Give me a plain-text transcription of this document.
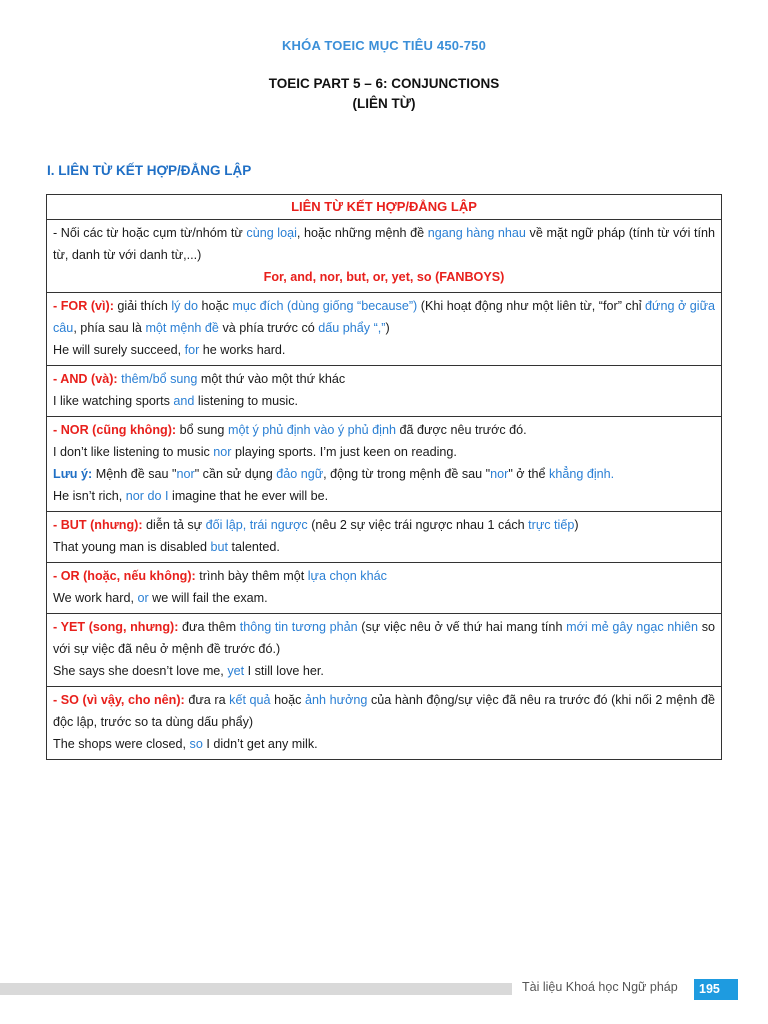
KHÓA TOEIC MỤC TIÊU 450-750
TOEIC PART 5 – 6: CONJUNCTIONS
(LIÊN TỪ)
I. LIÊN TỪ KẾT HỢP/ĐẲNG LẬP
LIÊN TỪ KẾT HỢP/ĐẲNG LẬP
- Nối các từ hoặc cụm từ/nhóm từ cùng loại, hoặc những mệnh đề ngang hàng nhau về mặt ngữ pháp (tính từ với tính từ, danh từ với danh từ,...)
For, and, nor, but, or, yet, so (FANBOYS)
- FOR (vì): giải thích lý do hoặc mục đích (dùng giống “because”) (Khi hoạt động như một liên từ, “for” chỉ đứng ở giữa câu, phía sau là một mệnh đề và phía trước có dấu phẩy “,”)
He will surely succeed, for he works hard.
- AND (và): thêm/bổ sung một thứ vào một thứ khác
I like watching sports and listening to music.
- NOR (cũng không): bổ sung một ý phủ định vào ý phủ định đã được nêu trước đó.
I don’t like listening to music nor playing sports. I’m just keen on reading.
Lưu ý: Mệnh đề sau "nor" cần sử dụng đảo ngữ, động từ trong mệnh đề sau "nor" ở thể khẳng định.
He isn’t rich, nor do I imagine that he ever will be.
- BUT (nhưng): diễn tả sự đối lập, trái ngược (nêu 2 sự việc trái ngược nhau 1 cách trực tiếp)
That young man is disabled but talented.
- OR (hoặc, nếu không): trình bày thêm một lựa chọn khác
We work hard, or we will fail the exam.
- YET (song, nhưng): đưa thêm thông tin tương phản (sự việc nêu ở vế thứ hai mang tính mới mẻ gây ngạc nhiên so với sự việc đã nêu ở mệnh đề trước đó.)
She says she doesn’t love me, yet I still love her.
- SO (vì vậy, cho nên): đưa ra kết quả hoặc ảnh hưởng của hành động/sự việc đã nêu ra trước đó (khi nối 2 mệnh đề độc lập, trước so ta dùng dấu phẩy)
The shops were closed, so I didn’t get any milk.
Tài liệu Khoá học Ngữ pháp	195
